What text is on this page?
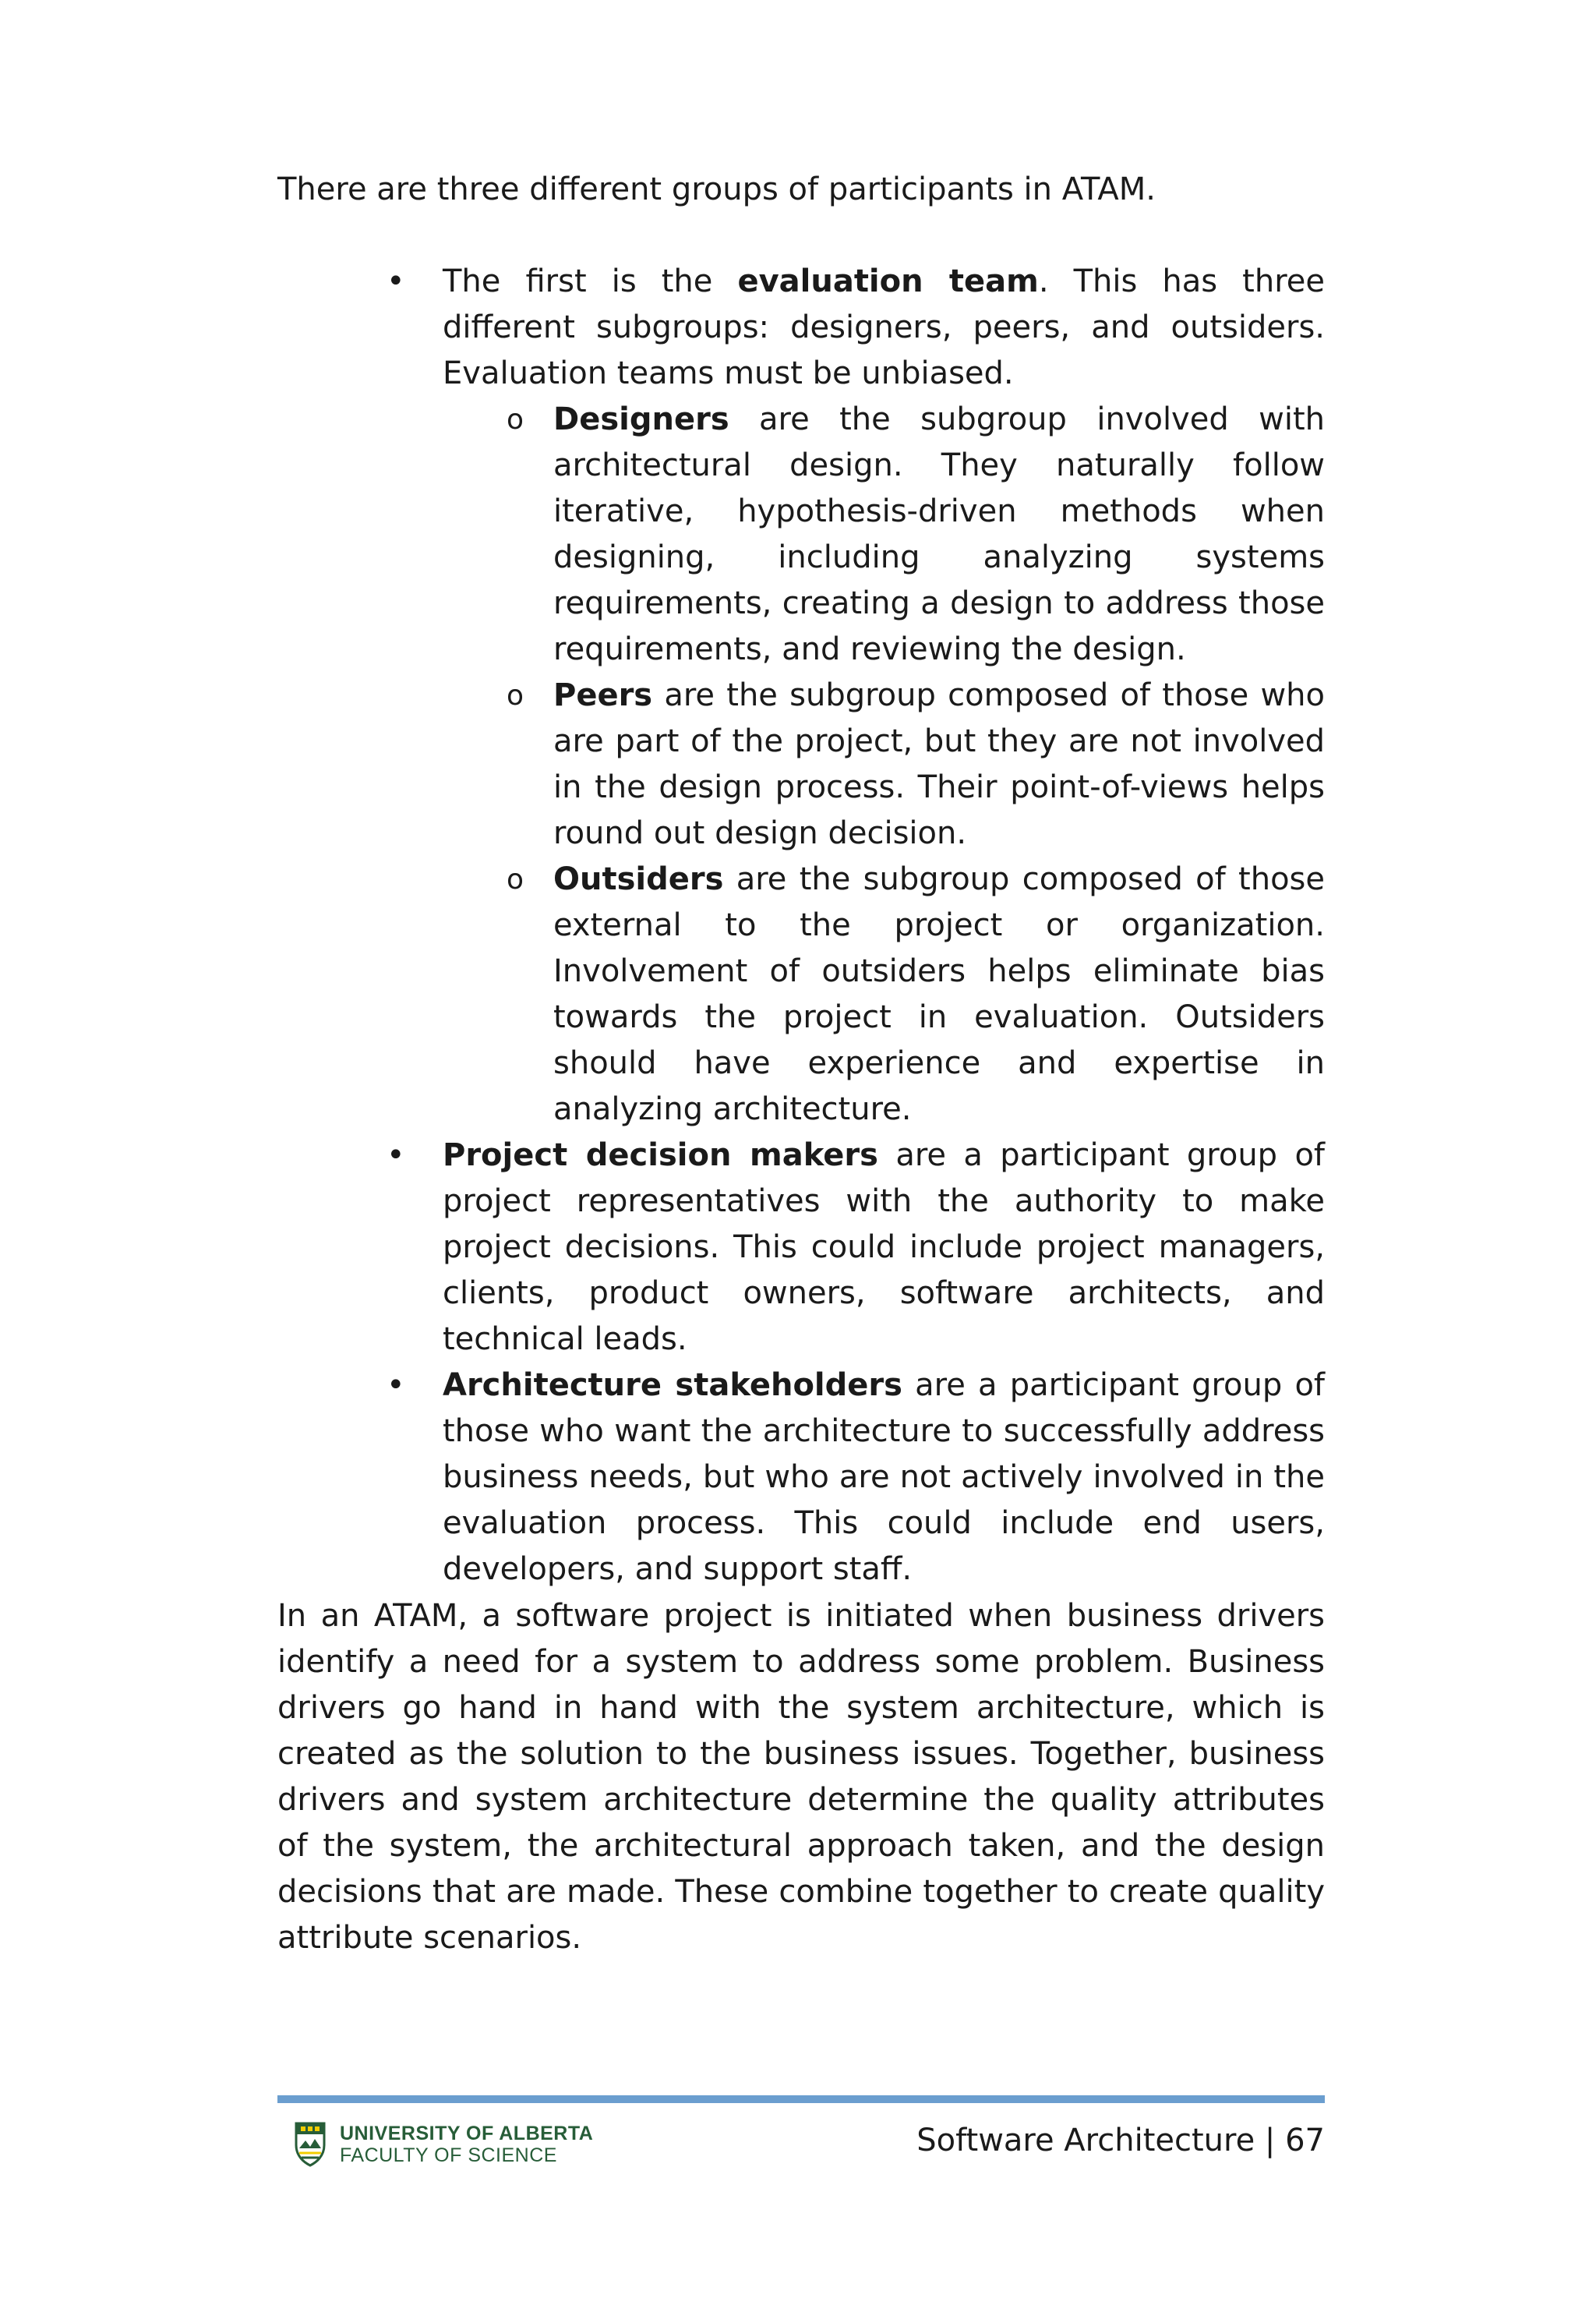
There are three different groups of participants in ATAM.

•	The first is the evaluation team. This has three different subgroups: designers, peers, and outsiders. Evaluation teams must be unbiased.
o Designers are the subgroup involved with architectural design. They naturally follow iterative, hypothesis-driven methods when designing, including analyzing systems requirements, creating a design to address those requirements, and reviewing the design.
o Peers are the subgroup composed of those who are part of the project, but they are not involved in the design process. Their point-of-views helps round out design decision.
o Outsiders are the subgroup composed of those external to the project or organization. Involvement of outsiders helps eliminate bias towards the project in evaluation. Outsiders should have experience and expertise in analyzing architecture.
•	Project decision makers are a participant group of project representatives with the authority to make project decisions. This could include project managers, clients, product owners, software architects, and technical leads.
•	Architecture stakeholders are a participant group of those who want the architecture to successfully address business needs, but who are not actively involved in the evaluation process. This could include end users, developers, and support staff.

In an ATAM, a software project is initiated when business drivers identify a need for a system to address some problem. Business drivers go hand in hand with the system architecture, which is created as the solution to the business issues. Together, business drivers and system architecture determine the quality attributes of the system, the architectural approach taken, and the design decisions that are made. These combine together to create quality attribute scenarios.

UNIVERSITY OF ALBERTA
FACULTY OF SCIENCE	Software Architecture | 67
